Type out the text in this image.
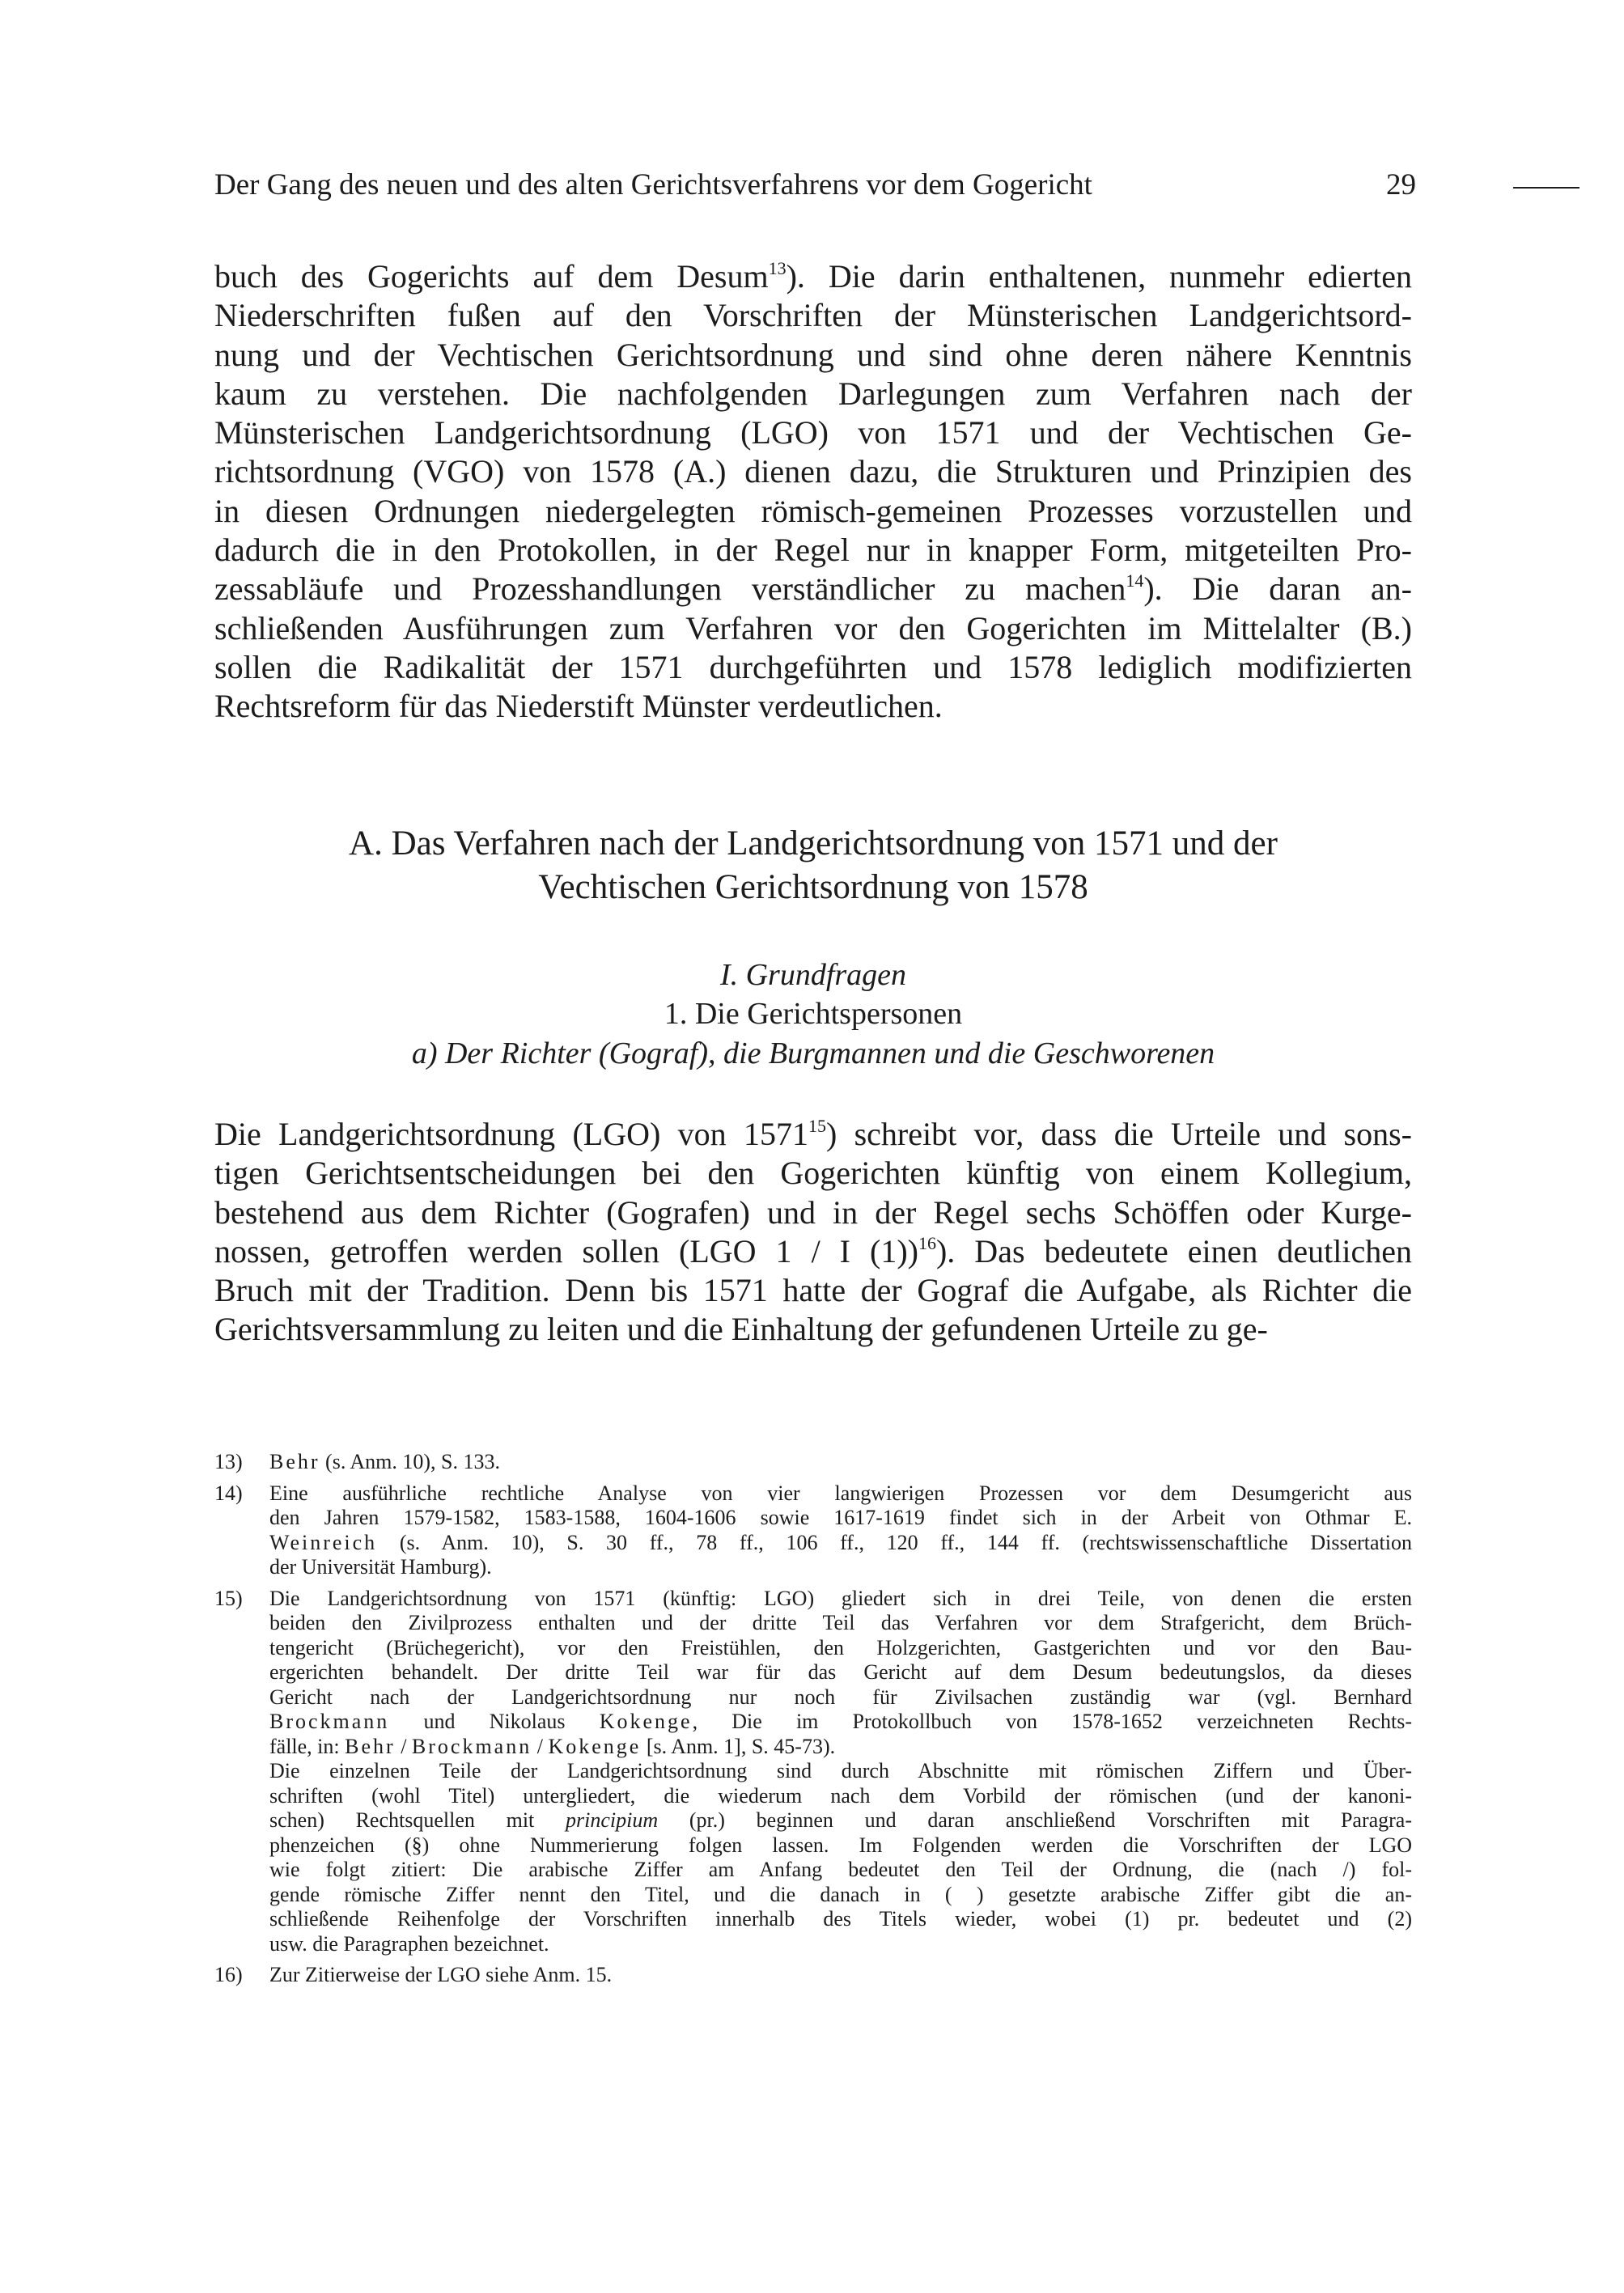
Der Gang des neuen und des alten Gerichtsverfahrens vor dem Gogericht	29
buch des Gogerichts auf dem Desum$^{13}$). Die darin enthaltenen, nunmehr edierten
Niederschriften fußen auf den Vorschriften der Münsterischen Landgerichtsord-
nung und der Vechtischen Gerichtsordnung und sind ohne deren nähere Kenntnis
kaum zu verstehen. Die nachfolgenden Darlegungen zum Verfahren nach der
Münsterischen Landgerichtsordnung (LGO) von 1571 und der Vechtischen Ge-
richtsordnung (VGO) von 1578 (A.) dienen dazu, die Strukturen und Prinzipien des
in diesen Ordnungen niedergelegten römisch-gemeinen Prozesses vorzustellen und
dadurch die in den Protokollen, in der Regel nur in knapper Form, mitgeteilten Pro-
zessabläufe und Prozesshandlungen verständlicher zu machen$^{14}$). Die daran an-
schließenden Ausführungen zum Verfahren vor den Gogerichten im Mittelalter (B.)
sollen die Radikalität der 1571 durchgeführten und 1578 lediglich modifizierten
Rechtsreform für das Niederstift Münster verdeutlichen.
A. Das Verfahren nach der Landgerichtsordnung von 1571 und der
Vechtischen Gerichtsordnung von 1578
I. Grundfragen
1. Die Gerichtspersonen
a) Der Richter (Gograf), die Burgmannen und die Geschworenen
Die Landgerichtsordnung (LGO) von 1571$^{15}$) schreibt vor, dass die Urteile und sons-
tigen Gerichtsentscheidungen bei den Gogerichten künftig von einem Kollegium,
bestehend aus dem Richter (Gografen) und in der Regel sechs Schöffen oder Kurge-
nossen, getroffen werden sollen (LGO 1 / I (1))$^{16}$). Das bedeutete einen deutlichen
Bruch mit der Tradition. Denn bis 1571 hatte der Gograf die Aufgabe, als Richter die
Gerichtsversammlung zu leiten und die Einhaltung der gefundenen Urteile zu ge-
13)	Behr (s. Anm. 10), S. 133.
14)	Eine ausführliche rechtliche Analyse von vier langwierigen Prozessen vor dem Desumgericht aus
den Jahren 1579-1582, 1583-1588, 1604-1606 sowie 1617-1619 findet sich in der Arbeit von Othmar E.
Weinreich (s. Anm. 10), S. 30 ff., 78 ff., 106 ff., 120 ff., 144 ff. (rechtswissenschaftliche Dissertation
der Universität Hamburg).
15)	Die Landgerichtsordnung von 1571 (künftig: LGO) gliedert sich in drei Teile, von denen die ersten
beiden den Zivilprozess enthalten und der dritte Teil das Verfahren vor dem Strafgericht, dem Brüch-
tengericht (Brüchegericht), vor den Freistühlen, den Holzgerichten, Gastgerichten und vor den Bau-
ergerichten behandelt. Der dritte Teil war für das Gericht auf dem Desum bedeutungslos, da dieses
Gericht nach der Landgerichtsordnung nur noch für Zivilsachen zuständig war (vgl. Bernhard
Brockmann und Nikolaus Kokenge, Die im Protokollbuch von 1578-1652 verzeichneten Rechts-
fälle, in: Behr / Brockmann / Kokenge [s. Anm. 1], S. 45-73).
Die einzelnen Teile der Landgerichtsordnung sind durch Abschnitte mit römischen Ziffern und Über-
schriften (wohl Titel) untergliedert, die wiederum nach dem Vorbild der römischen (und der kanoni-
schen) Rechtsquellen mit principium (pr.) beginnen und daran anschließend Vorschriften mit Paragra-
phenzeichen (§) ohne Nummerierung folgen lassen. Im Folgenden werden die Vorschriften der LGO
wie folgt zitiert: Die arabische Ziffer am Anfang bedeutet den Teil der Ordnung, die (nach /) fol-
gende römische Ziffer nennt den Titel, und die danach in ( ) gesetzte arabische Ziffer gibt die an-
schließende Reihenfolge der Vorschriften innerhalb des Titels wieder, wobei (1) pr. bedeutet und (2)
usw. die Paragraphen bezeichnet.
16)	Zur Zitierweise der LGO siehe Anm. 15.
